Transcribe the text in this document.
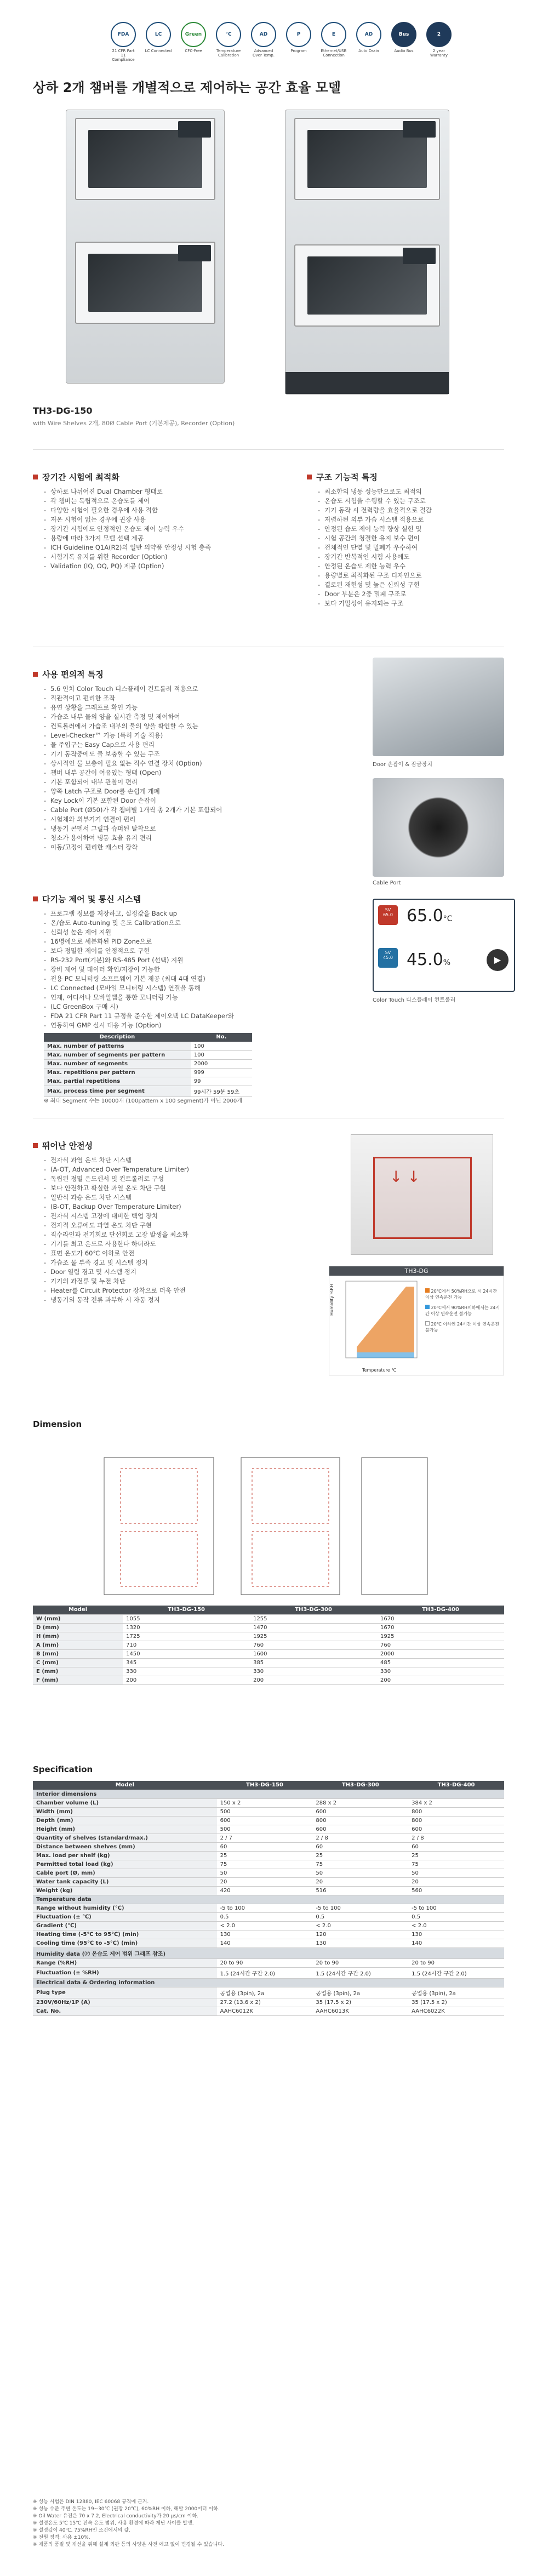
FDA
21 CFR Part 11 Compliance
LC
LC Connected
Green
CFC-Free
°C
Temperature Calibration
AD
Advanced Over Temp.
P
Program
E
Ethernet/USB Connection
AD
Auto Drain
Bus
Audio Bus
2
2 year Warranty
상하 2개 챔버를 개별적으로 제어하는 공간 효율 모델
TH3-DG-150
with Wire Shelves 2개, 80Ø Cable Port (기본제공), Recorder (Option)
장기간 시험에 최적화
- 상하로 나뉘어진 Dual Chamber 형태로
- 각 챔버는 독립적으로 온습도를 제어
- 다양한 시험이 필요한 경우에 사용 적합
- 저온 시험이 없는 경우에 권장 사용
- 장기간 시험에도 안정적인 온습도 제어 능력 우수
- 용량에 따라 3가지 모델 선택 제공
- ICH Guideline Q1A(R2)의 일반 의약품 안정성 시험 충족
- 시험기록 유지를 위한 Recorder (Option)
- Validation (IQ, OQ, PQ) 제공 (Option)
구조 기능적 특징
- 최소한의 냉동 성능만으로도 최적의
- 온습도 시험을 수행할 수 있는 구조로
- 기기 동작 시 전력량을 효율적으로 절감
- 저렴하된 외부 가습 시스템 적용으로
- 안정된 습도 제어 능력 향상 실현 및
- 시험 공간의 청결한 유지 보수 편이
- 전체적인 단열 및 밀폐가 우수하여
- 장기간 반복적인 시험 사용에도
- 안정된 온습도 제한 능력 우수
- 용량별로 최적화된 구조 디자인으로
- 결로된 재현성 및 높은 신뢰성 구현
- Door 부분은 2중 밀폐 구조로
- 보다 기밀성이 유지되는 구조
사용 편의적 특징
- 5.6 인치 Color Touch 디스플레이 컨트롤러 적용으로
- 직관적이고 편리한 조작
- 유연 상황을 그래프로 확인 가능
- 가습조 내부 물의 양을 실시간 측정 및 제어하여
- 컨트롤러에서 가습조 내부의 물의 양을 확인할 수 있는
- Level-Checker™ 기능 (특허 기술 적용)
- 물 주입구는 Easy Cap으로 사용 편리
- 기기 동작중에도 물 보충할 수 있는 구조
- 상시적인 물 보충이 필요 없는 직수 연결 장치 (Option)
- 챔버 내부 공간이 여유있는 형태 (Open)
- 기본 포함되어 내부 관찰이 편리
- 양쪽 Latch 구조로 Door를 손쉽게 개폐
- Key Lock이 기본 포함된 Door 손잡이
- Cable Port (Ø50)가 각 챔버별 1개씩 총 2개가 기본 포함되어
- 시험체와 외부기기 연결이 편리
- 냉동기 콘덴서 그릴과 슈퍼된 탈착으로
- 청소가 용이하여 냉동 효율 유지 편리
- 이동/고정이 편리한 캐스터 장착
Door 손잡이 & 잠금장치
Cable Port
SV
65.0 65.0°C
SV
45.0 45.0%	▶
Color Touch 디스플레이 컨트롤러
다기능 제어 및 통신 시스템
- 프로그램 정보를 저장하고, 실정값을 Back up
- 온/습도 Auto-tuning 및 온도 Calibration으로
- 신뢰성 높은 제어 지원
- 16명에으로 세분화된 PID Zone으로
- 보다 정밀한 제어를 안정적으로 구현
- RS-232 Port(기본)와 RS-485 Port (선택) 지원
- 장비 제어 및 데이터 확인/저장이 가능한
- 전용 PC 모니터링 소프트웨어 기본 제공 (최대 4대 연결)
- LC Connected (모바일 모니터링 시스템) 연결을 통해
- 언제, 어디서나 모바일앱을 통한 모니터링 가능
- (LC GreenBox 구매 시)
- FDA 21 CFR Part 11 규정을 준수한 제이오텍 LC DataKeeper와
- 연동하여 GMP 실시 대응 가능 (Option)
Description	No.
Max. number of patterns	100
Max. number of segments per pattern	100
Max. number of segments	2000
Max. repetitions per pattern	999
Max. partial repetitions	99
Max. process time per segment	99시간 59분 59초
※ 최대 Segment 수는 10000개 (100pattern x 100 segment)가 아닌 2000개
뛰어난 안전성
- 전자식 과열 온도 차단 시스템
- (A-OT, Advanced Over Temperature Limiter)
- 독립된 정밀 온도센서 및 컨트롤러로 구성
- 보다 안전하고 확실한 과열 온도 차단 구현
- 일반식 과승 온도 차단 시스템
- (B-OT, Backup Over Temperature Limiter)
- 전자식 시스템 고장에 대비한 백업 장치
- 전자적 오류에도 과열 온도 차단 구현
- 직수라인과 전기회로 단선회로 고장 발생을 최소화
- 기기를 최고 온도로 사용한다 하더라도
- 표면 온도가 60℃ 이하로 안전
- 가습조 물 부족 경고 및 시스템 정지
- Door 열림 경고 및 시스템 정지
- 기기의 과전류 및 누전 차단
- Heater를 Circuit Protector 장착으로 더욱 안전
- 냉동기의 동작 전류 과부하 시 자동 정지
↓ ↓
TH3-DG
20℃에서 50%RH으로 시 24시간 이상 연속운전 가능
20℃에서 90%RH이하에서는 24시간 이상 연속운전 불가능
20℃ 이하인 24시간 이상 연속운전 불가능
Temperature ℃
Humidity %RH
Dimension
Model	TH3-DG-150	TH3-DG-300	TH3-DG-400
W (mm)	1055	1255	1670
D (mm)	1320	1470	1670
H (mm)	1725	1925	1925
A (mm)	710	760	760
B (mm)	1450	1600	2000
C (mm)	345	385	485
E (mm)	330	330	330
F (mm)	200	200	200
Specification
Model	TH3-DG-150	TH3-DG-300	TH3-DG-400
Interior dimensions			
Chamber volume (L)	150 x 2	288 x 2	384 x 2
Width (mm)	500	600	800
Depth (mm)	600	800	800
Height (mm)	500	600	600
Quantity of shelves (standard/max.)	2 / 7	2 / 8	2 / 8
Distance between shelves (mm)	60	60	60
Max. load per shelf (kg)	25	25	25
Permitted total load (kg)	75	75	75
Cable port (Ø, mm)	50	50	50
Water tank capacity (L)	20	20	20
Weight (kg)	420	516	560
Temperature data			
Range without humidity (℃)	-5 to 100	-5 to 100	-5 to 100
Fluctuation (± ℃)	0.5	0.5	0.5
Gradient (℃)	< 2.0	< 2.0	< 2.0
Heating time (-5℃ to 95℃) (min)	130	120	130
Cooling time (95℃ to -5℃) (min)	140	130	140
Humidity data (Ⓕ 온습도 제어 범위 그래프 참조)			
Range (%RH)	20 to 90	20 to 90	20 to 90
Fluctuation (± %RH)	1.5 (24시간 구간 2.0)	1.5 (24시간 구간 2.0)	1.5 (24시간 구간 2.0)
Electrical data & Ordering information			
Plug type	공업용 (3pin), 2a	공업용 (3pin), 2a	공업용 (3pin), 2a
230V/60Hz/1P (A)	27.2 (13.6 x 2)	35 (17.5 x 2)	35 (17.5 x 2)
Cat. No.	AAHC6012K	AAHC6013K	AAHC6022K
※ 성능 시험은 DIN 12880, IEC 60068 규격에 근거.
※ 성능 수준 주변 온도는 19~30℃ (권장 20℃), 60%RH 이하, 해발 2000미터 이하.
※ Oil Water 유전은 70 x 7.2, Electrical conductivity가 20 μs/cm 이하.
※ 설정온도 5℃ 15℃ 전속 온도 범위, 사용 환경에 따라 제난 사이클 발생.
※ 설정값이 40℃, 75%RH인 조건에서의 값.
※ 전원 정격: 사용 ±10%.
※ 제품의 품질 및 개선을 위해 설계 외관 등의 사양은 사전 예고 없이 변경될 수 있습니다.
